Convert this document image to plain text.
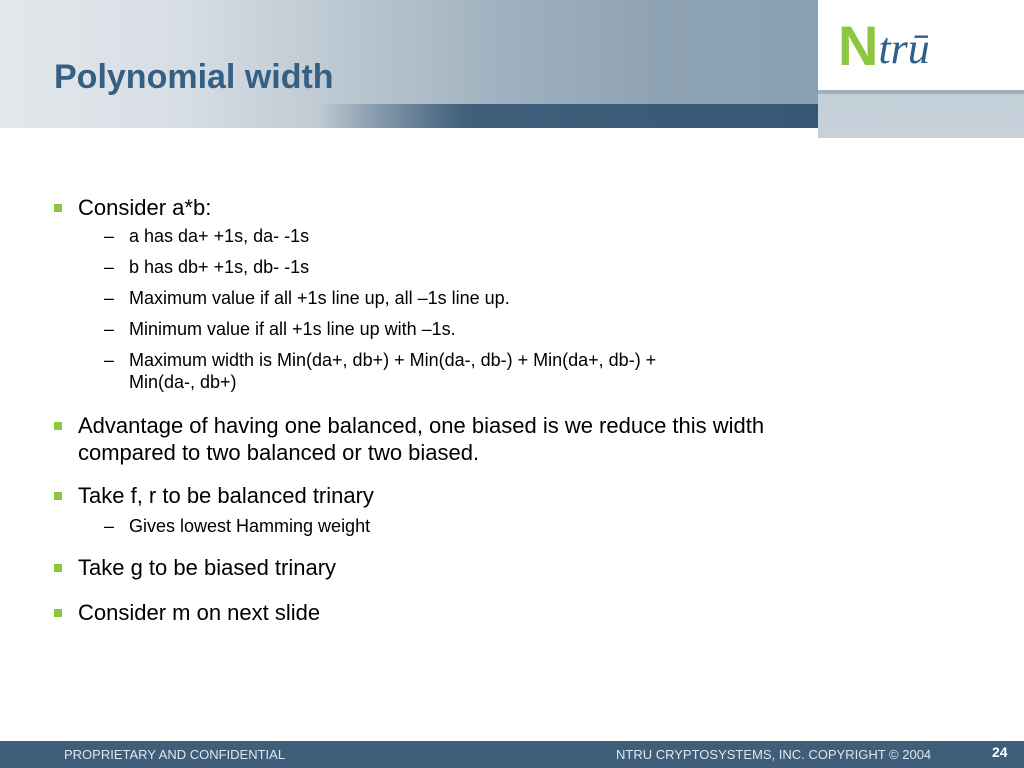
N trū
Polynomial width

Consider a*b:

– a has da+ +1s, da- -1s

– b has db+ +1s, db- -1s

– Maximum value if all +1s line up, all –1s line up.

– Minimum value if all +1s line up with –1s.

– Maximum width is Min(da+, db+) + Min(da-, db-) + Min(da+, db-) +
Min(da-, db+)

Advantage of having one balanced, one biased is we reduce this width
compared to two balanced or two biased.

Take f, r to be balanced trinary

– Gives lowest Hamming weight

Take g to be biased trinary

Consider m on next slide

PROPRIETARY AND CONFIDENTIAL	NTRU CRYPTOSYSTEMS, INC. COPYRIGHT © 2004	24
